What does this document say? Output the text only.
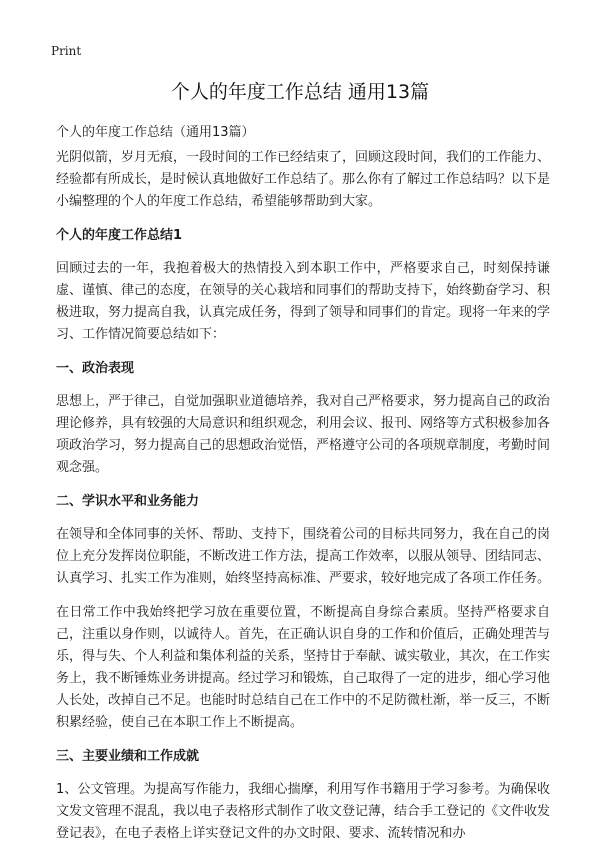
Print
个人的年度工作总结 通用13篇

个人的年度工作总结（通用13篇）

光阴似箭，岁月无痕，一段时间的工作已经结束了，回顾这段时间，我们的工作能力、经验都有所成长，是时候认真地做好工作总结了。那么你有了解过工作总结吗？以下是小编整理的个人的年度工作总结，希望能够帮助到大家。

个人的年度工作总结1

回顾过去的一年，我抱着极大的热情投入到本职工作中，严格要求自己，时刻保持谦虚、谨慎、律己的态度，在领导的关心栽培和同事们的帮助支持下，始终勤奋学习、积极进取，努力提高自我，认真完成任务，得到了领导和同事们的肯定。现将一年来的学习、工作情况简要总结如下：

一、政治表现

思想上，严于律己，自觉加强职业道德培养，我对自己严格要求，努力提高自己的政治理论修养，具有较强的大局意识和组织观念，利用会议、报刊、网络等方式积极参加各项政治学习，努力提高自己的思想政治觉悟，严格遵守公司的各项规章制度，考勤时间观念强。

二、学识水平和业务能力

在领导和全体同事的关怀、帮助、支持下，围绕着公司的目标共同努力，我在自己的岗位上充分发挥岗位职能，不断改进工作方法，提高工作效率，以服从领导、团结同志、认真学习、扎实工作为准则，始终坚持高标准、严要求，较好地完成了各项工作任务。

在日常工作中我始终把学习放在重要位置，不断提高自身综合素质。坚持严格要求自己，注重以身作则，以诚待人。首先，在正确认识自身的工作和价值后，正确处理苦与乐，得与失、个人利益和集体利益的关系，坚持甘于奉献、诚实敬业，其次，在工作实务上，我不断锤炼业务讲提高。经过学习和锻炼，自己取得了一定的进步，细心学习他人长处，改掉自己不足。也能时时总结自己在工作中的不足防微杜渐，举一反三，不断积累经验，使自己在本职工作上不断提高。

三、主要业绩和工作成就

1、公文管理。为提高写作能力，我细心揣摩，利用写作书籍用于学习参考。为确保收文发文管理不混乱，我以电子表格形式制作了收文登记薄，结合手工登记的《文件收发登记表》，在电子表格上详实登记文件的办文时限、要求、流转情况和办
